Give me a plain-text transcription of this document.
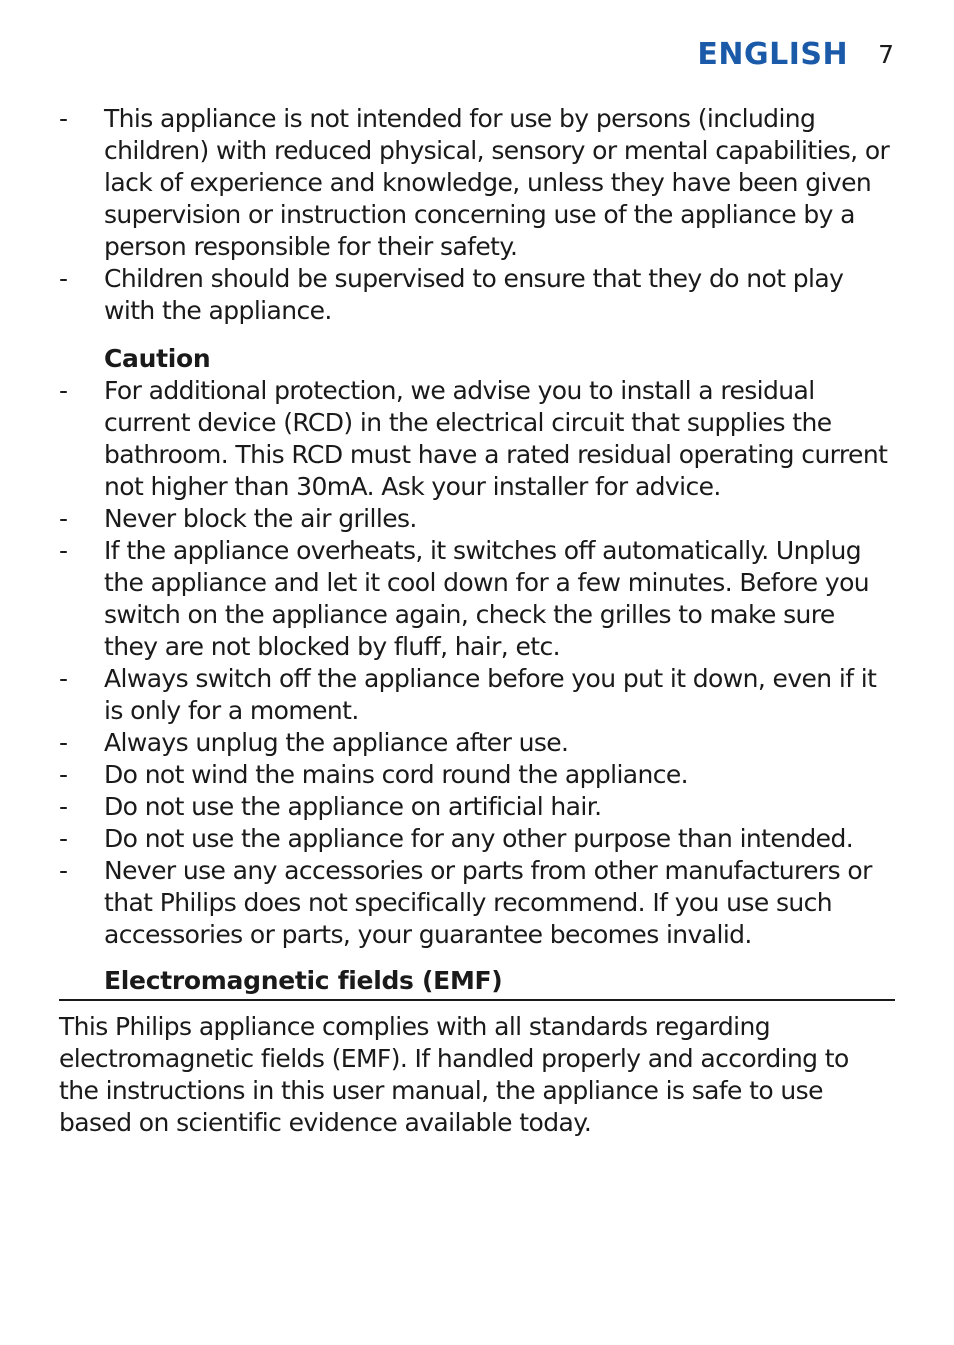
ENGLISH 7
- This appliance is not intended for use by persons (including children) with reduced physical, sensory or mental capabilities, or lack of experience and knowledge, unless they have been given supervision or instruction concerning use of the appliance by a person responsible for their safety.
- Children should be supervised to ensure that they do not play with the appliance.
Caution
- For additional protection, we advise you to install a residual current device (RCD) in the electrical circuit that supplies the bathroom. This RCD must have a rated residual operating current not higher than 30mA. Ask your installer for advice.
- Never block the air grilles.
- If the appliance overheats, it switches off automatically. Unplug the appliance and let it cool down for a few minutes. Before you switch on the appliance again, check the grilles to make sure they are not blocked by fluff, hair, etc.
- Always switch off the appliance before you put it down, even if it is only for a moment.
- Always unplug the appliance after use.
- Do not wind the mains cord round the appliance.
- Do not use the appliance on artificial hair.
- Do not use the appliance for any other purpose than intended.
- Never use any accessories or parts from other manufacturers or that Philips does not specifically recommend. If you use such accessories or parts, your guarantee becomes invalid.
Electromagnetic fields (EMF)
This Philips appliance complies with all standards regarding electromagnetic fields (EMF). If handled properly and according to the instructions in this user manual, the appliance is safe to use based on scientific evidence available today.
